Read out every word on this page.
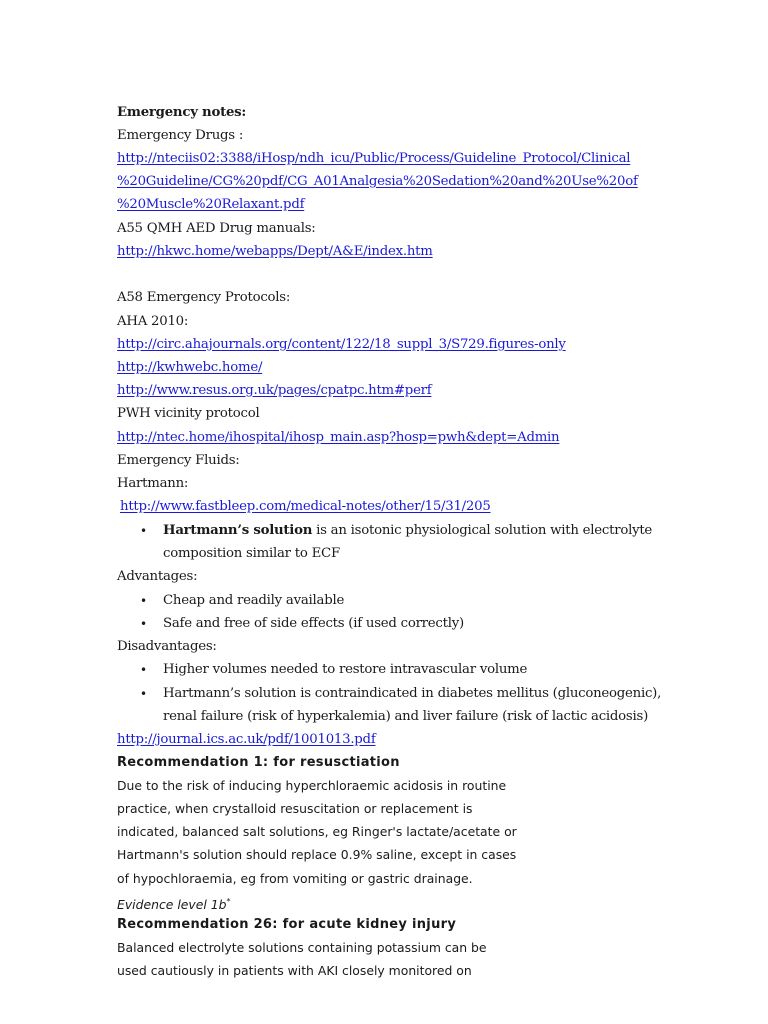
Emergency notes:
Emergency Drugs :
http://nteciis02:3388/iHosp/ndh_icu/Public/Process/Guideline_Protocol/Clinical
%20Guideline/CG%20pdf/CG_A01Analgesia%20Sedation%20and%20Use%20of
%20Muscle%20Relaxant.pdf
A55 QMH AED Drug manuals:
http://hkwc.home/webapps/Dept/A&E/index.htm
A58 Emergency Protocols:
AHA 2010:
http://circ.ahajournals.org/content/122/18_suppl_3/S729.figures-only
http://kwhwebc.home/
http://www.resus.org.uk/pages/cpatpc.htm#perf
PWH vicinity protocol
http://ntec.home/ihospital/ihosp_main.asp?hosp=pwh&dept=Admin
Emergency Fluids:
Hartmann:
http://www.fastbleep.com/medical-notes/other/15/31/205
• Hartmann’s solution is an isotonic physiological solution with electrolyte
composition similar to ECF
Advantages:
• Cheap and readily available
• Safe and free of side effects (if used correctly)
Disadvantages:
• Higher volumes needed to restore intravascular volume
• Hartmann’s solution is contraindicated in diabetes mellitus (gluconeogenic),
renal failure (risk of hyperkalemia) and liver failure (risk of lactic acidosis)
http://journal.ics.ac.uk/pdf/1001013.pdf
Recommendation 1: for resusctiation
Due to the risk of inducing hyperchloraemic acidosis in routine
practice, when crystalloid resuscitation or replacement is
indicated, balanced salt solutions, eg Ringer's lactate/acetate or
Hartmann's solution should replace 0.9% saline, except in cases
of hypochloraemia, eg from vomiting or gastric drainage.
Evidence level 1b*
Recommendation 26: for acute kidney injury
Balanced electrolyte solutions containing potassium can be
used cautiously in patients with AKI closely monitored on
